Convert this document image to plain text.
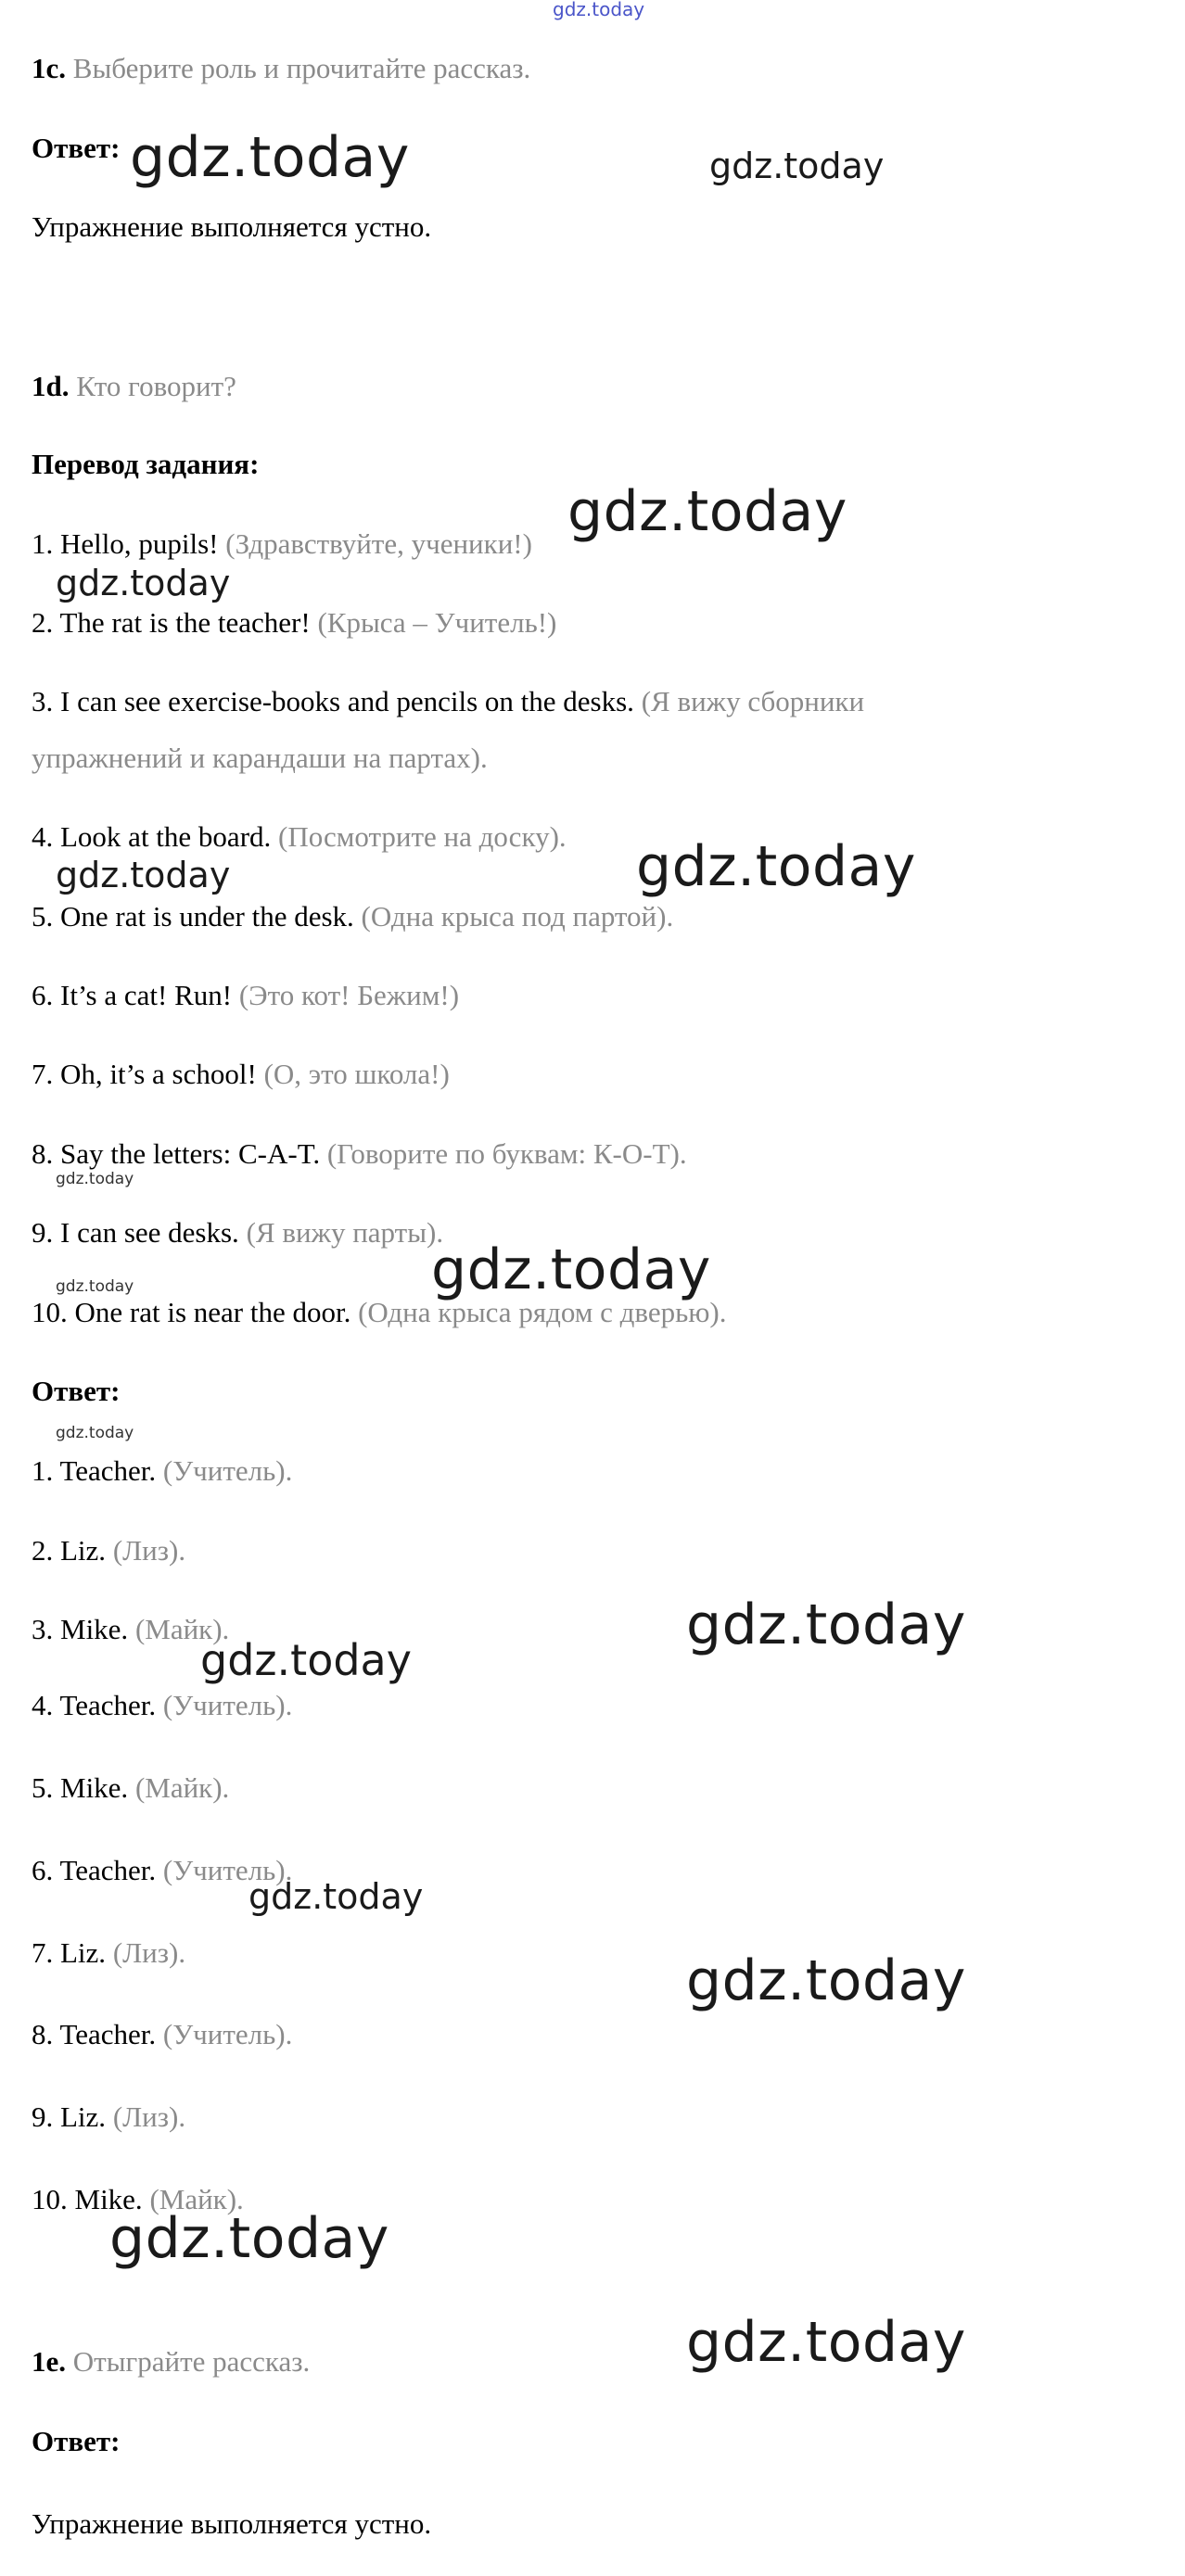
1c. Выберите роль и прочитайте рассказ.
Ответ:
Упражнение выполняется устно.
1d. Кто говорит?
Перевод задания:
1. Hello, pupils! (Здравствуйте, ученики!)
2. The rat is the teacher! (Крыса – Учитель!)
3. I can see exercise-books and pencils on the desks. (Я вижу сборники
упражнений и карандаши на партах).
4. Look at the board. (Посмотрите на доску).
5. One rat is under the desk. (Одна крыса под партой).
6. It’s a cat! Run! (Это кот! Бежим!)
7. Oh, it’s a school! (О, это школа!)
8. Say the letters: C-A-T. (Говорите по буквам: К-О-Т).
9. I can see desks. (Я вижу парты).
10. One rat is near the door. (Одна крыса рядом с дверью).
Ответ:
1. Teacher. (Учитель).
2. Liz. (Лиз).
3. Mike. (Майк).
4. Teacher. (Учитель).
5. Mike. (Майк).
6. Teacher. (Учитель).
7. Liz. (Лиз).
8. Teacher. (Учитель).
9. Liz. (Лиз).
10. Mike. (Майк).
1e. Отыграйте рассказ.
Ответ:
Упражнение выполняется устно.
gdz.today
gdz.today	gdz.today
gdz.today
gdz.today
gdz.today
gdz.today
gdz.today
gdz.today
gdz.today
gdz.today
gdz.today
gdz.today
gdz.today
gdz.today
gdz.today
gdz.today
